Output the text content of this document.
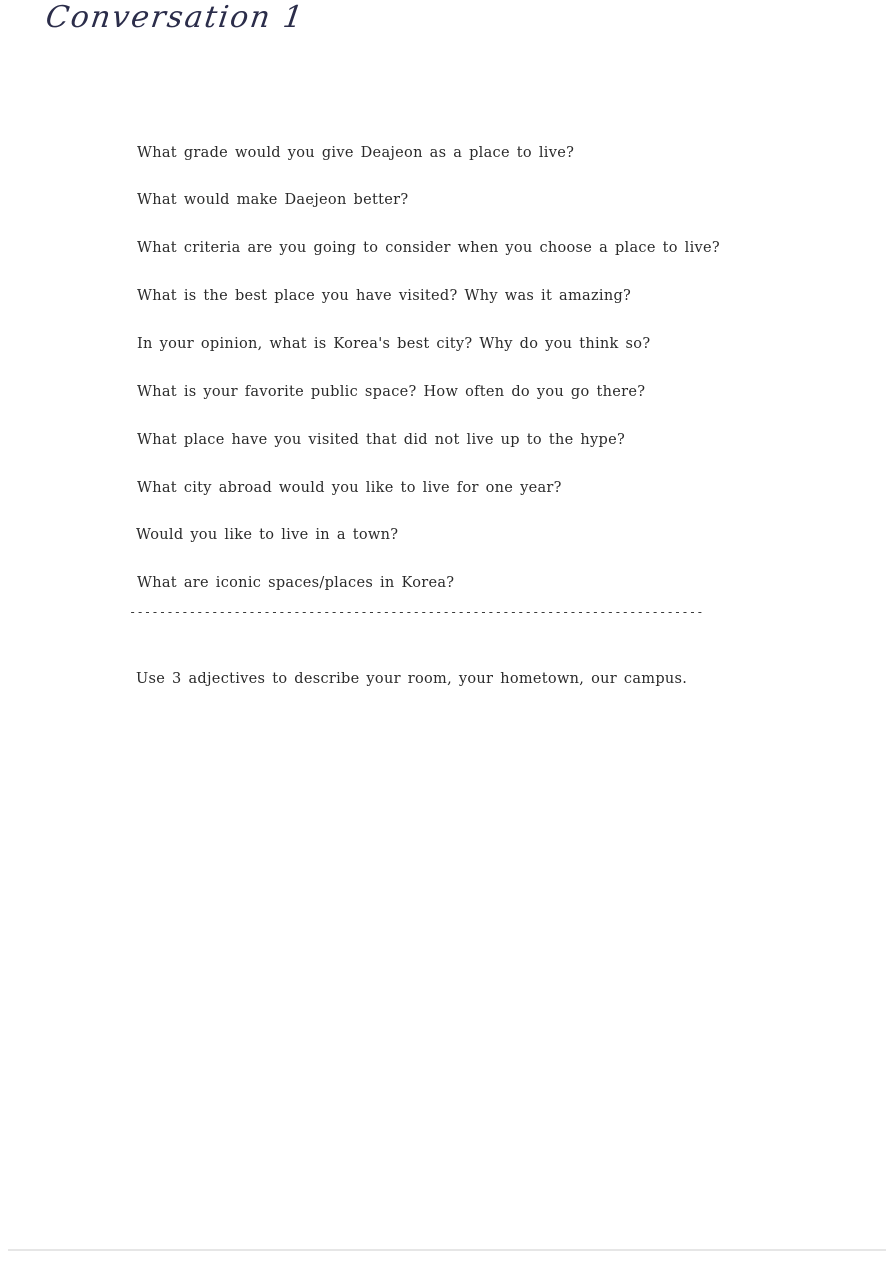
Conversation 1
What grade would you give Deajeon as a place to live?
What would make Daejeon better?
What criteria are you going to consider when you choose a place to live?
What is the best place you have visited? Why was it amazing?
In your opinion, what is Korea's best city? Why do you think so?
What is your favorite public space? How often do you go there?
What place have you visited that did not live up to the hype?
What city abroad would you like to live for one year?
Would you like to live in a town?
What are iconic spaces/places in Korea?
-----------------------------------------------------------------------------
Use 3 adjectives to describe your room, your hometown, our campus.
